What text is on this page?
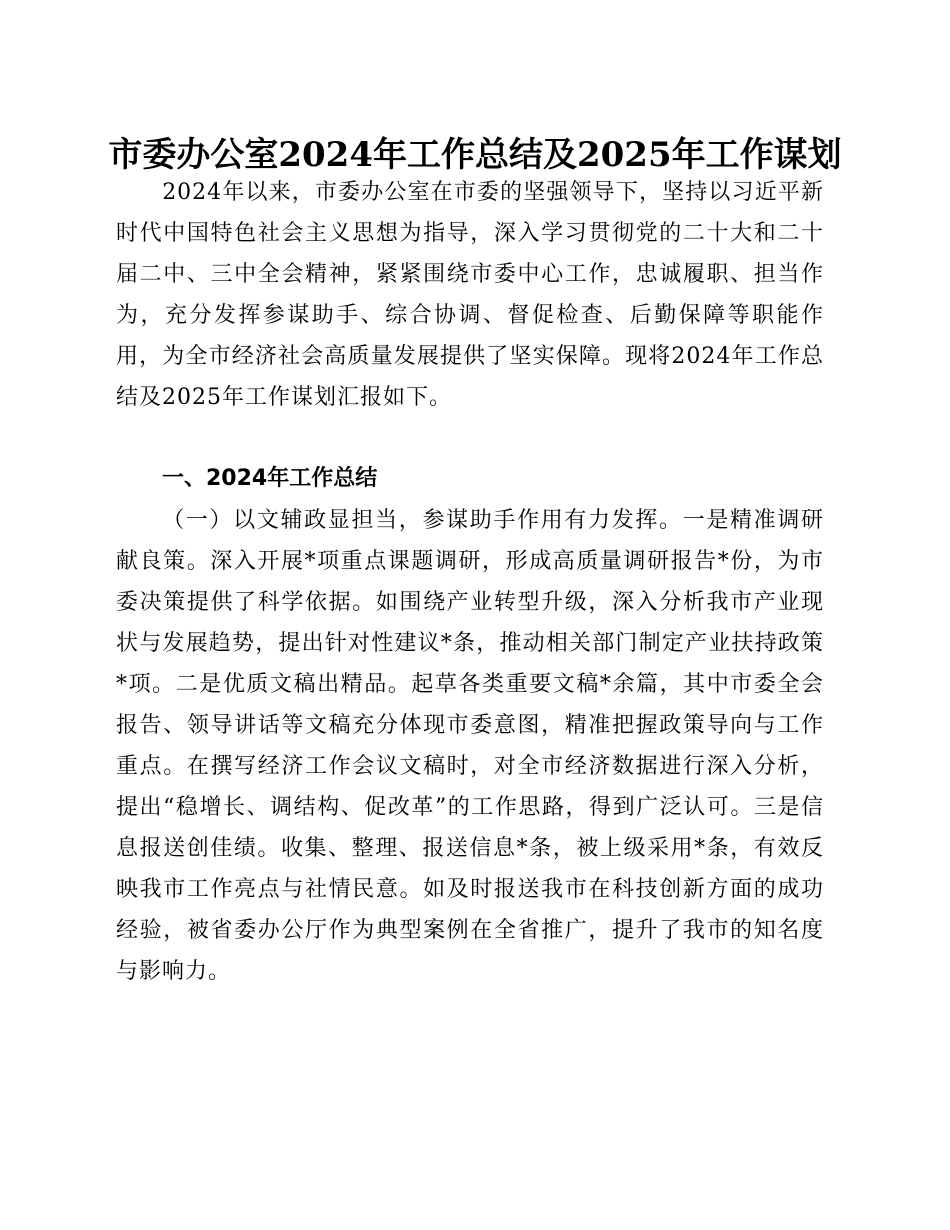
市委办公室2024年工作总结及2025年工作谋划

2024年以来，市委办公室在市委的坚强领导下，坚持以习近平新时代中国特色社会主义思想为指导，深入学习贯彻党的二十大和二十届二中、三中全会精神，紧紧围绕市委中心工作，忠诚履职、担当作为，充分发挥参谋助手、综合协调、督促检查、后勤保障等职能作用，为全市经济社会高质量发展提供了坚实保障。现将2024年工作总结及2025年工作谋划汇报如下。

一、2024年工作总结

（一）以文辅政显担当，参谋助手作用有力发挥。一是精准调研献良策。深入开展*项重点课题调研，形成高质量调研报告*份，为市委决策提供了科学依据。如围绕产业转型升级，深入分析我市产业现状与发展趋势，提出针对性建议*条，推动相关部门制定产业扶持政策*项。二是优质文稿出精品。起草各类重要文稿*余篇，其中市委全会报告、领导讲话等文稿充分体现市委意图，精准把握政策导向与工作重点。在撰写经济工作会议文稿时，对全市经济数据进行深入分析，提出“稳增长、调结构、促改革”的工作思路，得到广泛认可。三是信息报送创佳绩。收集、整理、报送信息*条，被上级采用*条，有效反映我市工作亮点与社情民意。如及时报送我市在科技创新方面的成功经验，被省委办公厅作为典型案例在全省推广，提升了我市的知名度与影响力。
